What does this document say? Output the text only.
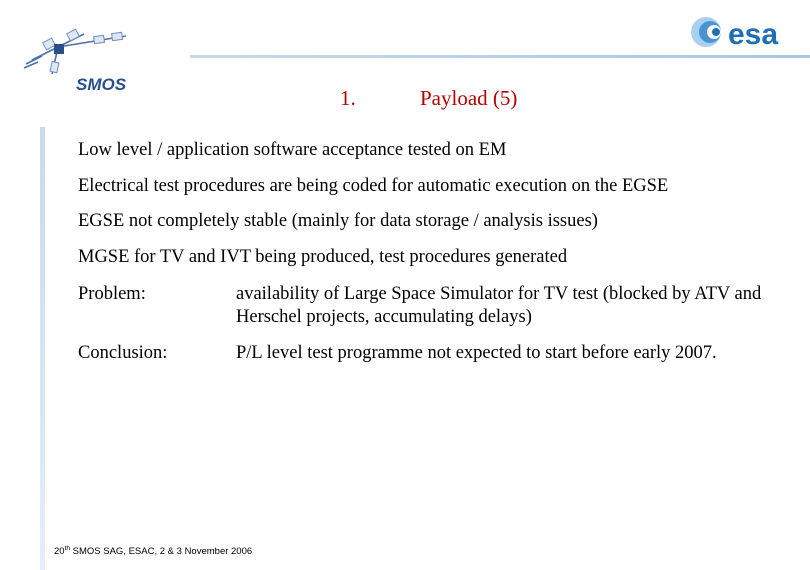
SMOS
esa
1.	Payload (5)
Low level / application software acceptance tested on EM
Electrical test procedures are being coded for automatic execution on the EGSE
EGSE not completely stable (mainly for data storage / analysis issues)
MGSE for TV and IVT being produced, test procedures generated
Problem:	availability of Large Space Simulator for TV test (blocked by ATV and Herschel projects, accumulating delays)
Conclusion:	P/L level test programme not expected to start before early 2007.
20th SMOS SAG, ESAC, 2 & 3 November 2006
